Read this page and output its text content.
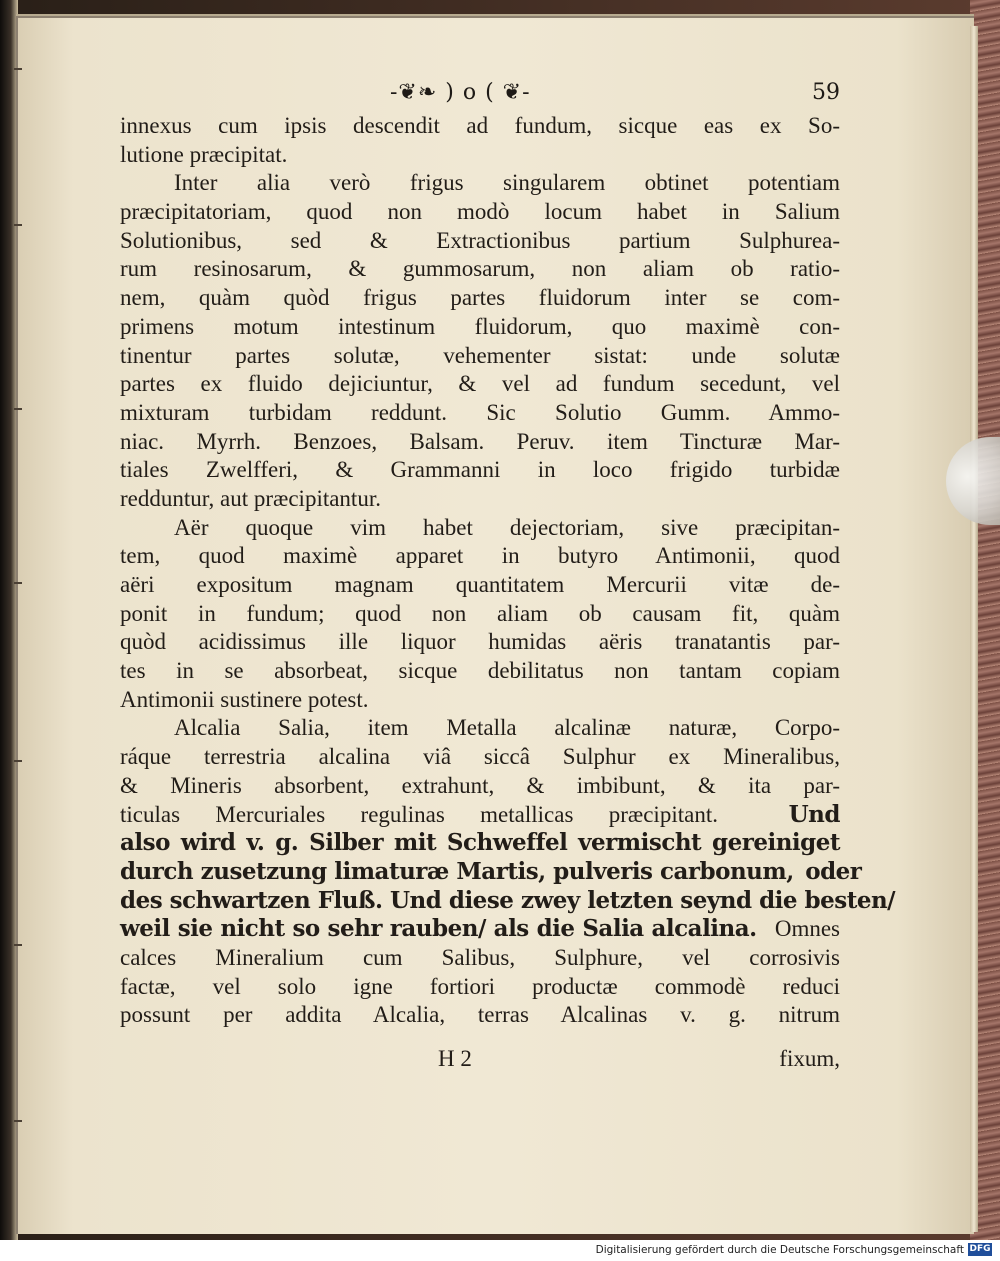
-❦❧ ) o ( ❦-	59
innexus cum ipsis descendit ad fundum, sicque eas ex So-
lutione præcipitat.
Inter alia verò frigus singularem obtinet potentiam
præcipitatoriam, quod non modò locum habet in Salium
Solutionibus, sed & Extractionibus partium Sulphurea-
rum resinosarum, & gummosarum, non aliam ob ratio-
nem, quàm quòd frigus partes fluidorum inter se com-
primens motum intestinum fluidorum, quo maximè con-
tinentur partes solutæ, vehementer sistat: unde solutæ
partes ex fluido dejiciuntur, & vel ad fundum secedunt, vel
mixturam turbidam reddunt. Sic Solutio Gumm. Ammo-
niac. Myrrh. Benzoes, Balsam. Peruv. item Tincturæ Mar-
tiales Zwelfferi, & Grammanni in loco frigido turbidæ
redduntur, aut præcipitantur.
Aër quoque vim habet dejectoriam, sive præcipitan-
tem, quod maximè apparet in butyro Antimonii, quod
aëri expositum magnam quantitatem Mercurii vitæ de-
ponit in fundum; quod non aliam ob causam fit, quàm
quòd acidissimus ille liquor humidas aëris tranatantis par-
tes in se absorbeat, sicque debilitatus non tantam copiam
Antimonii sustinere potest.
Alcalia Salia, item Metalla alcalinæ naturæ, Corpo-
ráque terrestria alcalina viâ siccâ Sulphur ex Mineralibus,
& Mineris absorbent, extrahunt, & imbibunt, & ita par-
ticulas Mercuriales regulinas metallicas præcipitant.	Und
also wird v. g. Silber mit Schweffel vermischt gereiniget
durch zusetzung limaturæ Martis, pulveris carbonum, oder
des schwartzen Fluß. Und diese zwey letzten seynd die besten/
weil sie nicht so sehr rauben/ als die Salia alcalina. Omnes
calces Mineralium cum Salibus, Sulphure, vel corrosivis
factæ, vel solo igne fortiori productæ commodè reduci
possunt per addita Alcalia, terras Alcalinas v. g. nitrum
H 2	fixum,
Digitalisierung gefördert durch die Deutsche Forschungsgemeinschaft DFG
